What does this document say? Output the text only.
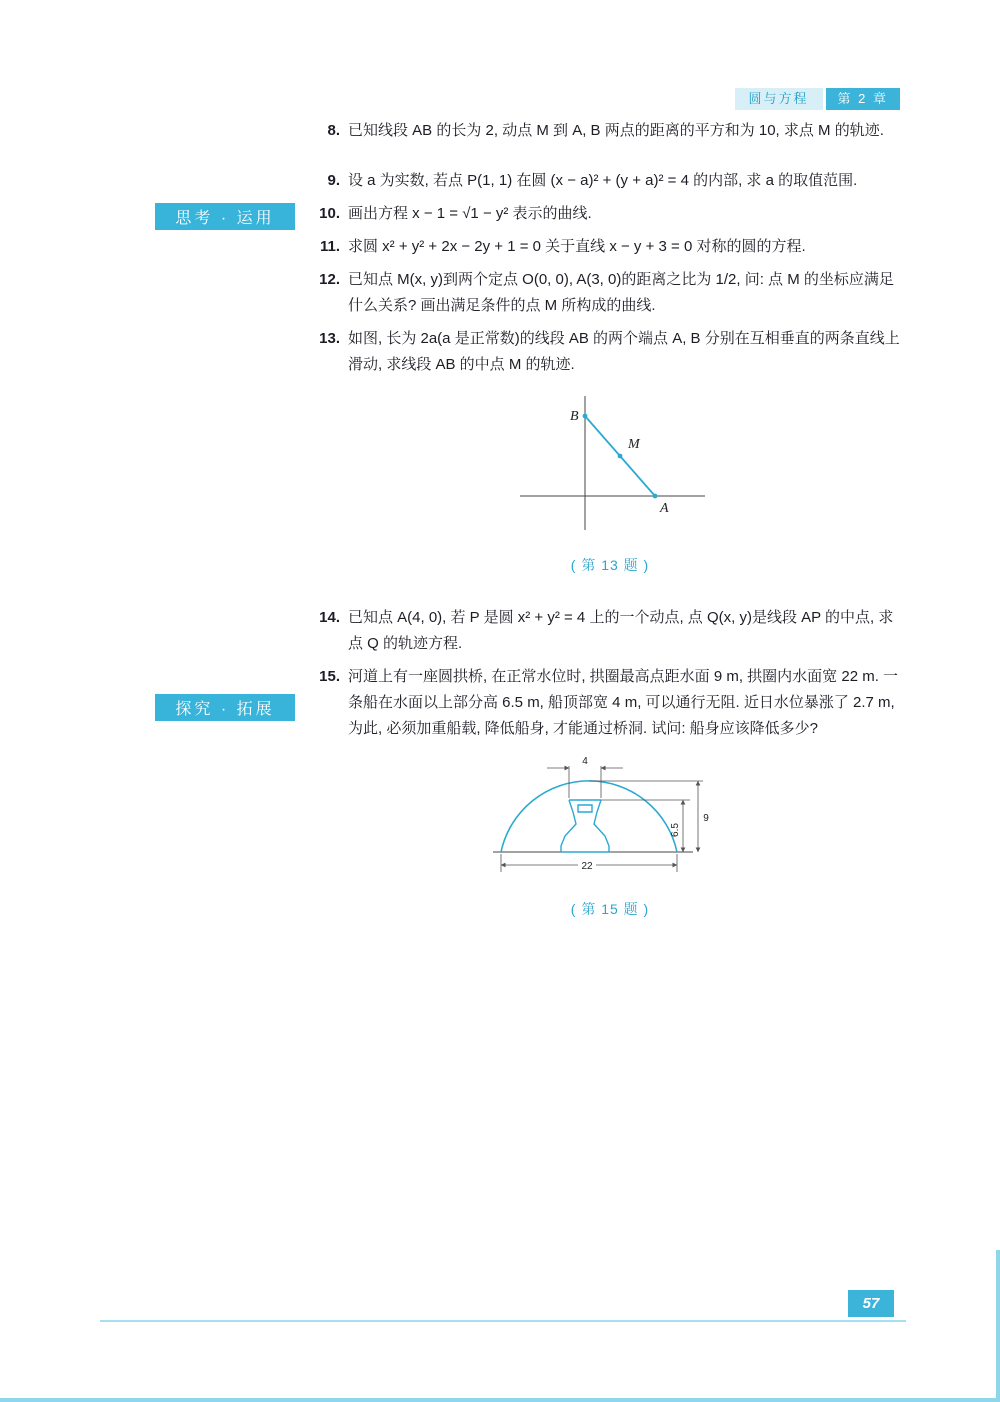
圆与方程	第 2 章
思考 · 运用
探究 · 拓展
8. 已知线段 AB 的长为 2, 动点 M 到 A, B 两点的距离的平方和为 10, 求点 M 的轨迹.
9. 设 a 为实数, 若点 P(1, 1) 在圆 (x − a)² + (y + a)² = 4 的内部, 求 a 的取值范围.
10. 画出方程 x − 1 = √1 − y² 表示的曲线.
11. 求圆 x² + y² + 2x − 2y + 1 = 0 关于直线 x − y + 3 = 0 对称的圆的方程.
12. 已知点 M(x, y)到两个定点 O(0, 0), A(3, 0)的距离之比为 1/2, 问: 点 M 的坐标应满足什么关系? 画出满足条件的点 M 所构成的曲线.
13. 如图, 长为 2a(a 是正常数)的线段 AB 的两个端点 A, B 分别在互相垂直的两条直线上滑动, 求线段 AB 的中点 M 的轨迹.
B
M
A
( 第 13 题 )
14. 已知点 A(4, 0), 若 P 是圆 x² + y² = 4 上的一个动点, 点 Q(x, y)是线段 AP 的中点, 求点 Q 的轨迹方程.
15. 河道上有一座圆拱桥, 在正常水位时, 拱圈最高点距水面 9 m, 拱圈内水面宽 22 m. 一条船在水面以上部分高 6.5 m, 船顶部宽 4 m, 可以通行无阻. 近日水位暴涨了 2.7 m, 为此, 必须加重船载, 降低船身, 才能通过桥洞. 试问: 船身应该降低多少?
4
9
6.5
22
( 第 15 题 )
57
